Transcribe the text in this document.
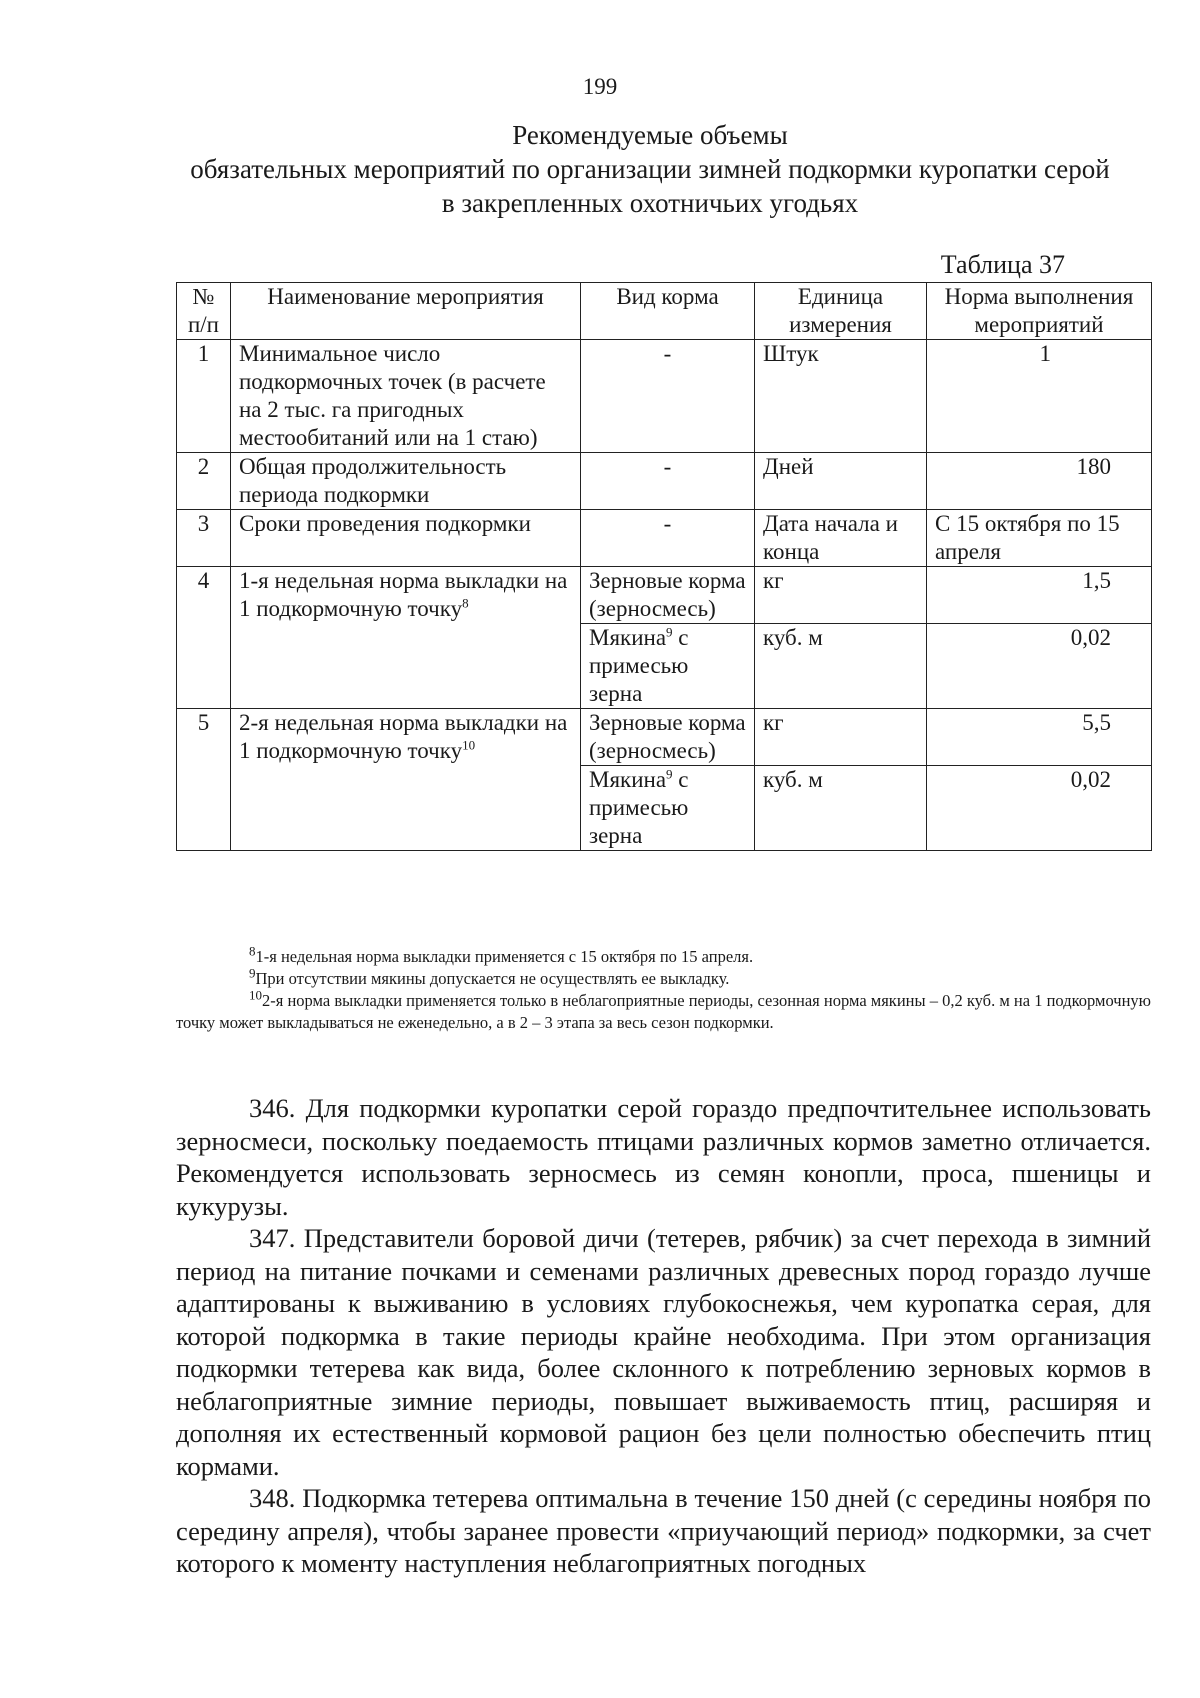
199
Рекомендуемые объемы
обязательных мероприятий по организации зимней подкормки куропатки серой
в закрепленных охотничьих угодьях
Таблица 37
№
п/п	Наименование мероприятия	Вид корма	Единица измерения	Норма выполнения мероприятий
1	Минимальное число подкормочных точек (в расчете на 2 тыс. га пригодных местообитаний или на 1 стаю)	-	Штук	1
2	Общая продолжительность периода подкормки	-	Дней	180
3	Сроки проведения подкормки	-	Дата начала и конца	С 15 октября по 15 апреля
4	1-я недельная норма выкладки на 1 подкормочную точку$^8$	Зерновые корма (зерносмесь)	кг	1,5
		Мякина$^9$ с примесью зерна	куб. м	0,02
5	2-я недельная норма выкладки на 1 подкормочную точку$^{10}$	Зерновые корма (зерносмесь)	кг	5,5
		Мякина$^9$ с примесью зерна	куб. м	0,02

$^8$1-я недельная норма выкладки применяется с 15 октября по 15 апреля.

$^9$При отсутствии мякины допускается не осуществлять ее выкладку.

$^{10}$2-я норма выкладки применяется только в неблагоприятные периоды, сезонная норма мякины – 0,2 куб. м на 1 подкормочную точку может выкладываться не еженедельно, а в 2 – 3 этапа за весь сезон подкормки.

346. Для подкормки куропатки серой гораздо предпочтительнее использовать зерносмеси, поскольку поедаемость птицами различных кормов заметно отличается. Рекомендуется использовать зерносмесь из семян конопли, проса, пшеницы и кукурузы.

347. Представители боровой дичи (тетерев, рябчик) за счет перехода в зимний период на питание почками и семенами различных древесных пород гораздо лучше адаптированы к выживанию в условиях глубокоснежья, чем куропатка серая, для которой подкормка в такие периоды крайне необходима. При этом организация подкормки тетерева как вида, более склонного к потреблению зерновых кормов в неблагоприятные зимние периоды, повышает выживаемость птиц, расширяя и дополняя их естественный кормовой рацион без цели полностью обеспечить птиц кормами.

348. Подкормка тетерева оптимальна в течение 150 дней (с середины ноября по середину апреля), чтобы заранее провести «приучающий период» подкормки, за счет которого к моменту наступления неблагоприятных погодных
